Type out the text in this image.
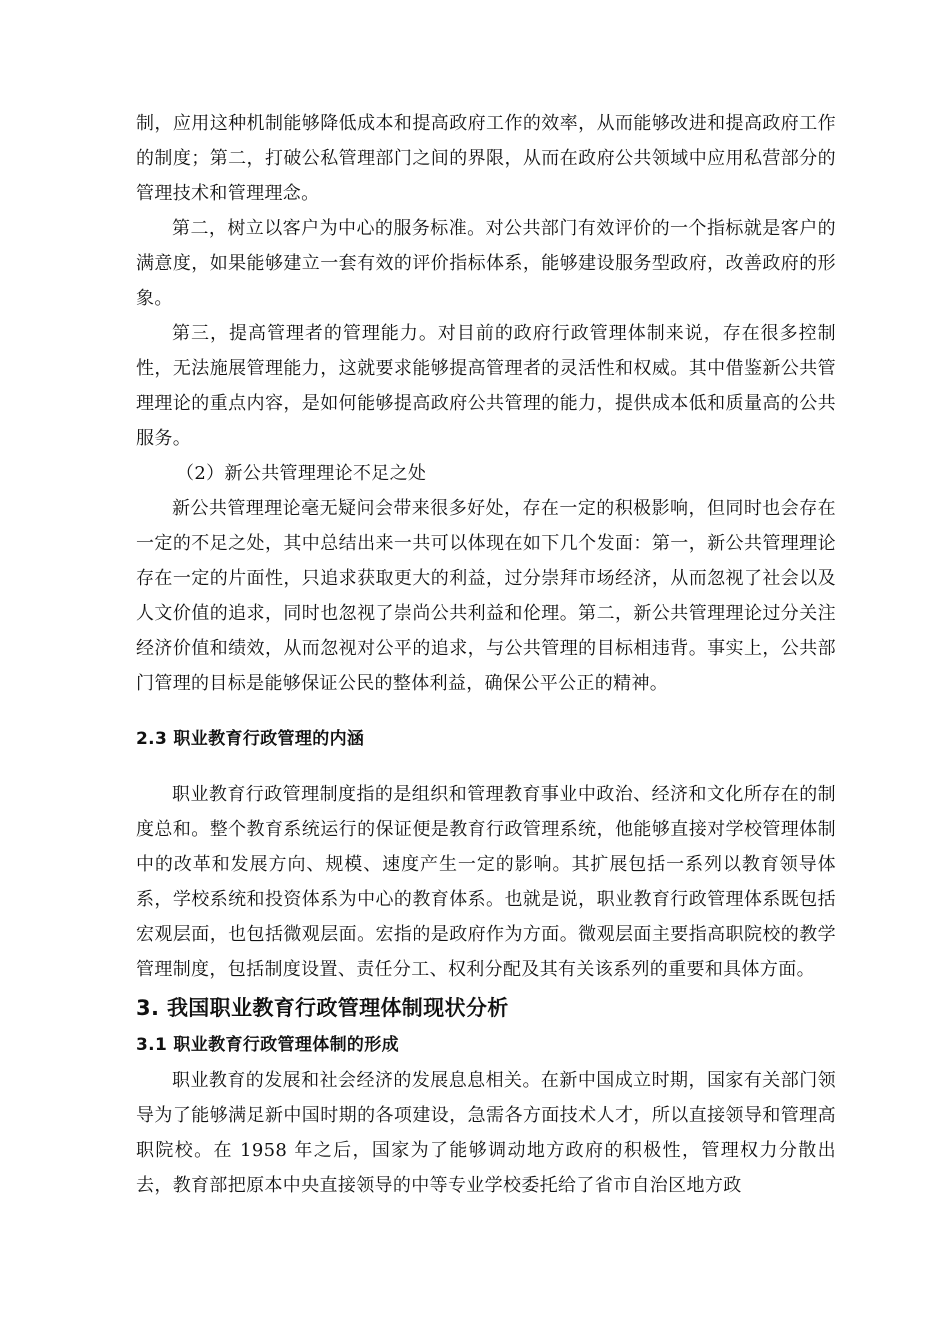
制，应用这种机制能够降低成本和提高政府工作的效率，从而能够改进和提高政府工作的制度；第二，打破公私管理部门之间的界限，从而在政府公共领域中应用私营部分的管理技术和管理理念。

第二，树立以客户为中心的服务标准。对公共部门有效评价的一个指标就是客户的满意度，如果能够建立一套有效的评价指标体系，能够建设服务型政府，改善政府的形象。

第三，提高管理者的管理能力。对目前的政府行政管理体制来说，存在很多控制性，无法施展管理能力，这就要求能够提高管理者的灵活性和权威。其中借鉴新公共管理理论的重点内容，是如何能够提高政府公共管理的能力，提供成本低和质量高的公共服务。

（2）新公共管理理论不足之处

新公共管理理论毫无疑问会带来很多好处，存在一定的积极影响，但同时也会存在一定的不足之处，其中总结出来一共可以体现在如下几个发面：第一，新公共管理理论存在一定的片面性，只追求获取更大的利益，过分崇拜市场经济，从而忽视了社会以及人文价值的追求，同时也忽视了崇尚公共利益和伦理。第二，新公共管理理论过分关注经济价值和绩效，从而忽视对公平的追求，与公共管理的目标相违背。事实上，公共部门管理的目标是能够保证公民的整体利益，确保公平公正的精神。

2.3 职业教育行政管理的内涵

职业教育行政管理制度指的是组织和管理教育事业中政治、经济和文化所存在的制度总和。整个教育系统运行的保证便是教育行政管理系统，他能够直接对学校管理体制中的改革和发展方向、规模、速度产生一定的影响。其扩展包括一系列以教育领导体系，学校系统和投资体系为中心的教育体系。也就是说，职业教育行政管理体系既包括宏观层面，也包括微观层面。宏指的是政府作为方面。微观层面主要指高职院校的教学管理制度，包括制度设置、责任分工、权利分配及其有关该系列的重要和具体方面。

3. 我国职业教育行政管理体制现状分析
3.1 职业教育行政管理体制的形成

职业教育的发展和社会经济的发展息息相关。在新中国成立时期，国家有关部门领导为了能够满足新中国时期的各项建设，急需各方面技术人才，所以直接领导和管理高职院校。在 1958 年之后，国家为了能够调动地方政府的积极性，管理权力分散出去，教育部把原本中央直接领导的中等专业学校委托给了省市自治区地方政
